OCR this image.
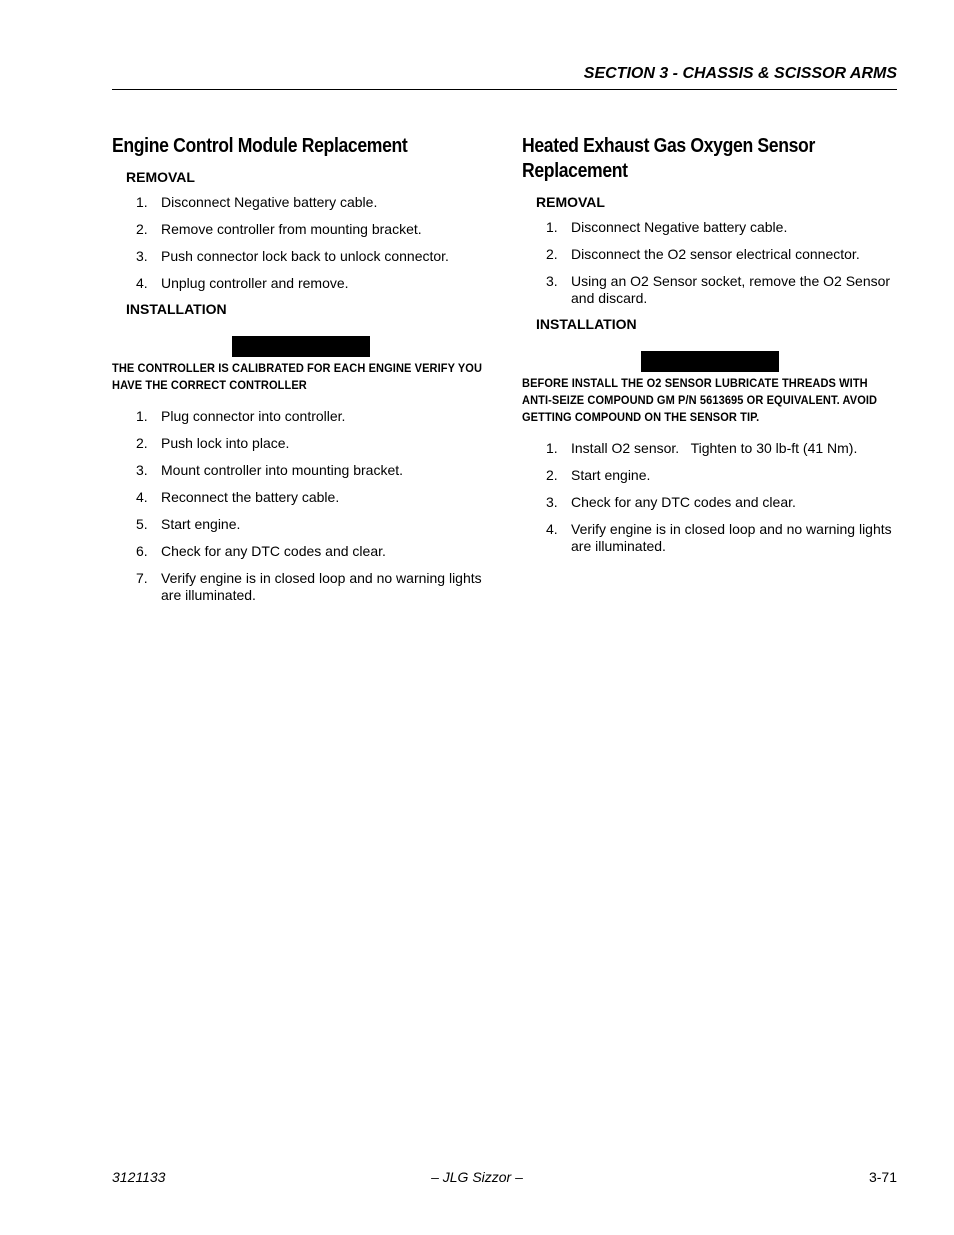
SECTION 3 - CHASSIS & SCISSOR ARMS
Engine Control Module Replacement
REMOVAL
1. Disconnect Negative battery cable.
2. Remove controller from mounting bracket.
3. Push connector lock back to unlock connector.
4. Unplug controller and remove.
INSTALLATION
THE CONTROLLER IS CALIBRATED FOR EACH ENGINE VERIFY YOU HAVE THE CORRECT CONTROLLER
1. Plug connector into controller.
2. Push lock into place.
3. Mount controller into mounting bracket.
4. Reconnect the battery cable.
5. Start engine.
6. Check for any DTC codes and clear.
7. Verify engine is in closed loop and no warning lights are illuminated.
Heated Exhaust Gas Oxygen Sensor
Replacement
REMOVAL
1. Disconnect Negative battery cable.
2. Disconnect the O2 sensor electrical connector.
3. Using an O2 Sensor socket, remove the O2 Sensor and discard.
INSTALLATION
BEFORE INSTALL THE O2 SENSOR LUBRICATE THREADS WITH ANTI-SEIZE COMPOUND GM P/N 5613695 OR EQUIVALENT. AVOID GETTING COMPOUND ON THE SENSOR TIP.
1. Install O2 sensor.   Tighten to 30 lb-ft (41 Nm).
2. Start engine.
3. Check for any DTC codes and clear.
4. Verify engine is in closed loop and no warning lights are illuminated.
3121133	– JLG Sizzor –	3-71
